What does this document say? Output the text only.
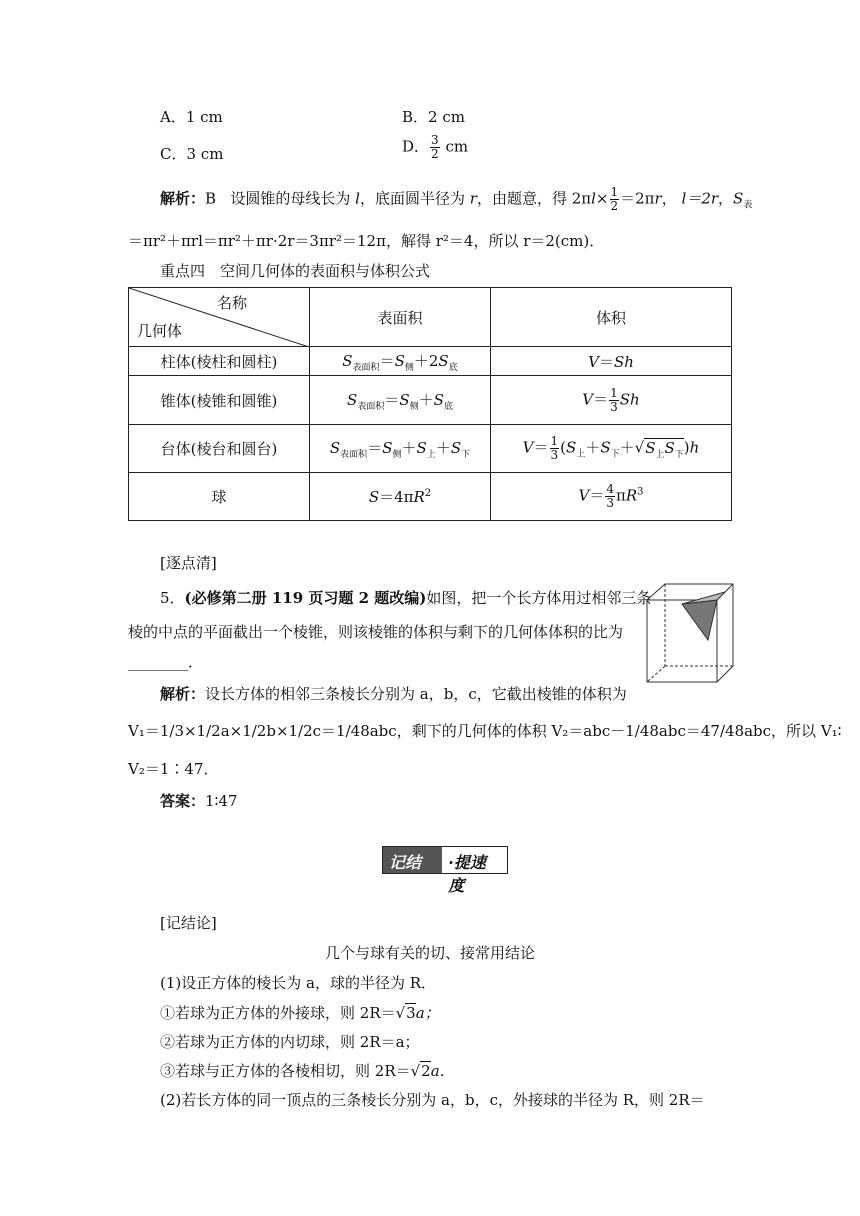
A．1 cm	B．2 cm
C．3 cm	D． $\frac{3}{2}$ cm
解析：B 设圆锥的母线长为 l，底面圆半径为 r，由题意，得 $2\pi l\times \frac{1}{2} =2\pi r$， l＝2r，$S_表$
＝πr²＋πrl＝πr²＋πr·2r＝3πr²＝12π，解得 r²＝4，所以 r＝2(cm)．
重点四　空间几何体的表面积与体积公式
名称
几何体	表面积	体积
柱体(棱柱和圆柱)	$S_{表面积}=S_侧+2S_底$	V＝Sh
锥体(棱锥和圆锥)	$S_{表面积}=S_侧+S_底$	$V= \frac{1}{3}$ Sh
台体(棱台和圆台)	$S_{表面积}=S_侧+S_上+S_下$	$V= \frac{1}{3} (S_上+S_下+√S_上S_下)h$
球	$S=4\pi R^2$	$V= \frac{4}{3} \pi R^3$
[逐点清]
5．(必修第二册 119 页习题 2 题改编)如图，把一个长方体用过相邻三条
棱的中点的平面截出一个棱锥，则该棱锥的体积与剩下的几何体体积的比为
________．
解析：设长方体的相邻三条棱长分别为 a，b，c，它截出棱锥的体积为
V₁＝1/3×1/2a×1/2b×1/2c＝1/48abc，剩下的几何体的体积 V₂＝abc－1/48abc＝47/48abc，所以 V₁∶
V₂＝1∶47．
答案：1∶47
记结论
·提速度
[记结论]
几个与球有关的切、接常用结论
(1)设正方体的棱长为 a，球的半径为 R．
①若球为正方体的外接球，则 2R＝√3a；
②若球为正方体的内切球，则 2R＝a；
③若球与正方体的各棱相切，则 2R＝√2a．
(2)若长方体的同一顶点的三条棱长分别为 a，b，c，外接球的半径为 R，则 2R＝
